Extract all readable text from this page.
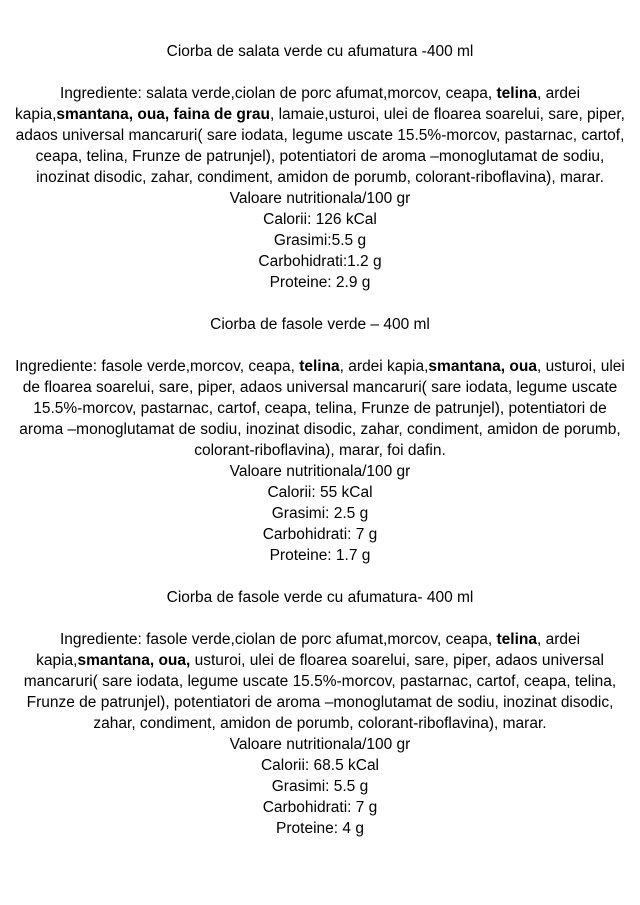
Ciorba de salata verde cu afumatura -400 ml

Ingrediente: salata verde,ciolan de porc afumat,morcov, ceapa, telina, ardei kapia,smantana, oua, faina de grau, lamaie,usturoi, ulei de floarea soarelui, sare, piper, adaos universal mancaruri( sare iodata, legume uscate 15.5%-morcov, pastarnac, cartof, ceapa, telina, Frunze de patrunjel), potentiatori de aroma –monoglutamat de sodiu, inozinat disodic, zahar, condiment, amidon de porumb, colorant-riboflavina), marar.

Valoare nutritionala/100 gr

Calorii: 126 kCal

Grasimi:5.5 g

Carbohidrati:1.2 g

Proteine: 2.9 g

Ciorba de fasole verde – 400 ml

Ingrediente: fasole verde,morcov, ceapa, telina, ardei kapia,smantana, oua, usturoi, ulei de floarea soarelui, sare, piper, adaos universal mancaruri( sare iodata, legume uscate 15.5%-morcov, pastarnac, cartof, ceapa, telina, Frunze de patrunjel), potentiatori de aroma –monoglutamat de sodiu, inozinat disodic, zahar, condiment, amidon de porumb, colorant-riboflavina), marar, foi dafin.

Valoare nutritionala/100 gr

Calorii: 55 kCal

Grasimi: 2.5 g

Carbohidrati: 7 g

Proteine: 1.7 g

Ciorba de fasole verde cu afumatura- 400 ml

Ingrediente: fasole verde,ciolan de porc afumat,morcov, ceapa, telina, ardei kapia,smantana, oua, usturoi, ulei de floarea soarelui, sare, piper, adaos universal mancaruri( sare iodata, legume uscate 15.5%-morcov, pastarnac, cartof, ceapa, telina, Frunze de patrunjel), potentiatori de aroma –monoglutamat de sodiu, inozinat disodic, zahar, condiment, amidon de porumb, colorant-riboflavina), marar.

Valoare nutritionala/100 gr

Calorii: 68.5 kCal

Grasimi: 5.5 g

Carbohidrati: 7 g

Proteine: 4 g
